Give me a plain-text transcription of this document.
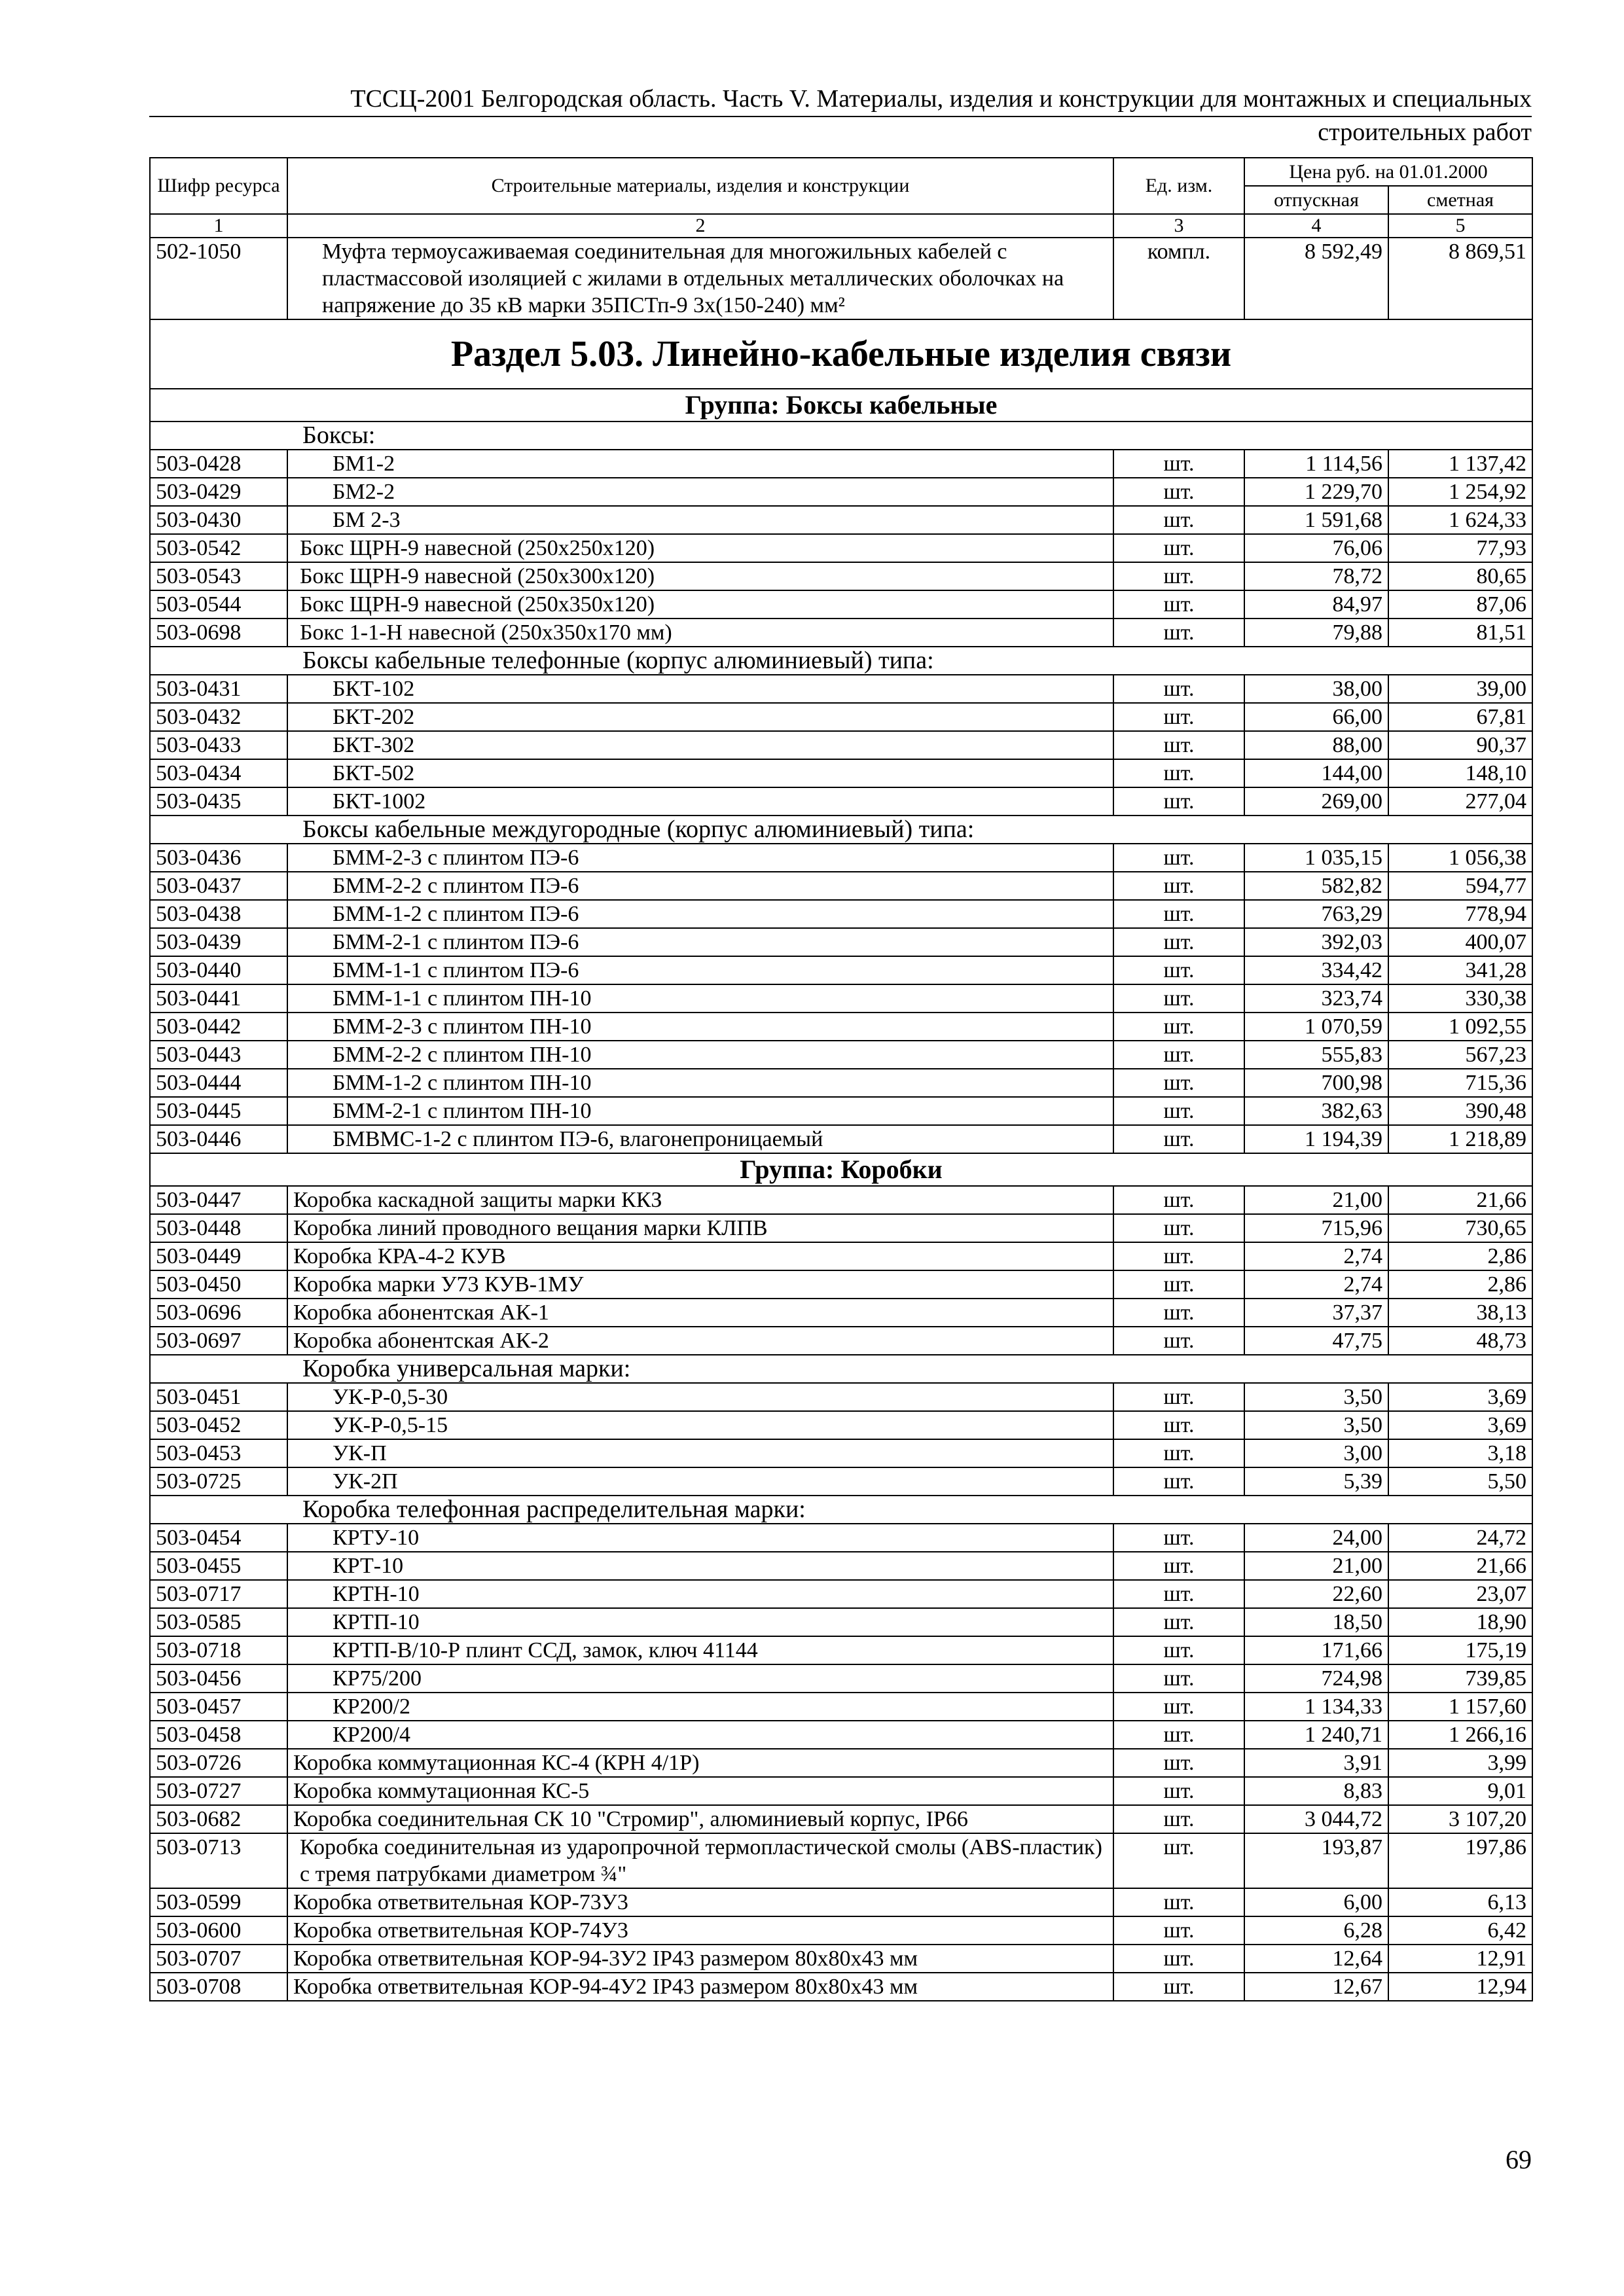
ТССЦ-2001 Белгородская область. Часть V. Материалы, изделия и конструкции для монтажных и специальных
строительных работ
Шифр ресурса	Строительные материалы, изделия и конструкции	Ед. изм.	Цена руб. на 01.01.2000	
			отпускная	сметная
1	2	3	4	5
502-1050	Муфта термоусаживаемая соединительная для многожильных кабелей с пластмассовой изоляцией с жилами в отдельных металлических оболочках на напряжение до 35 кВ марки 35ПСТп-9 3х(150-240) мм²	компл.	8 592,49	8 869,51
Раздел 5.03. Линейно-кабельные изделия связи				
Группа: Боксы кабельные				
Боксы:				
503-0428	БМ1-2	шт.	1 114,56	1 137,42
503-0429	БМ2-2	шт.	1 229,70	1 254,92
503-0430	БМ 2-3	шт.	1 591,68	1 624,33
503-0542	Бокс ЩРН-9 навесной (250х250х120)	шт.	76,06	77,93
503-0543	Бокс ЩРН-9 навесной (250х300х120)	шт.	78,72	80,65
503-0544	Бокс ЩРН-9 навесной (250х350х120)	шт.	84,97	87,06
503-0698	Бокс 1-1-Н навесной (250х350х170 мм)	шт.	79,88	81,51
Боксы кабельные телефонные (корпус алюминиевый) типа:				
503-0431	БКТ-102	шт.	38,00	39,00
503-0432	БКТ-202	шт.	66,00	67,81
503-0433	БКТ-302	шт.	88,00	90,37
503-0434	БКТ-502	шт.	144,00	148,10
503-0435	БКТ-1002	шт.	269,00	277,04
Боксы кабельные междугородные (корпус алюминиевый) типа:				
503-0436	БММ-2-3 с плинтом ПЭ-6	шт.	1 035,15	1 056,38
503-0437	БММ-2-2 с плинтом ПЭ-6	шт.	582,82	594,77
503-0438	БММ-1-2 с плинтом ПЭ-6	шт.	763,29	778,94
503-0439	БММ-2-1 с плинтом ПЭ-6	шт.	392,03	400,07
503-0440	БММ-1-1 с плинтом ПЭ-6	шт.	334,42	341,28
503-0441	БММ-1-1 с плинтом ПН-10	шт.	323,74	330,38
503-0442	БММ-2-3 с плинтом ПН-10	шт.	1 070,59	1 092,55
503-0443	БММ-2-2 с плинтом ПН-10	шт.	555,83	567,23
503-0444	БММ-1-2 с плинтом ПН-10	шт.	700,98	715,36
503-0445	БММ-2-1 с плинтом ПН-10	шт.	382,63	390,48
503-0446	БМВМС-1-2 с плинтом ПЭ-6, влагонепроницаемый	шт.	1 194,39	1 218,89
Группа: Коробки				
503-0447	Коробка каскадной защиты марки ККЗ	шт.	21,00	21,66
503-0448	Коробка линий проводного вещания марки КЛПВ	шт.	715,96	730,65
503-0449	Коробка КРА-4-2 КУВ	шт.	2,74	2,86
503-0450	Коробка марки У73 КУВ-1МУ	шт.	2,74	2,86
503-0696	Коробка абонентская АК-1	шт.	37,37	38,13
503-0697	Коробка абонентская АК-2	шт.	47,75	48,73
Коробка универсальная марки:				
503-0451	УК-Р-0,5-30	шт.	3,50	3,69
503-0452	УК-Р-0,5-15	шт.	3,50	3,69
503-0453	УК-П	шт.	3,00	3,18
503-0725	УК-2П	шт.	5,39	5,50
Коробка телефонная распределительная марки:				
503-0454	КРТУ-10	шт.	24,00	24,72
503-0455	КРТ-10	шт.	21,00	21,66
503-0717	КРТН-10	шт.	22,60	23,07
503-0585	КРТП-10	шт.	18,50	18,90
503-0718	КРТП-В/10-Р плинт ССД, замок, ключ 41144	шт.	171,66	175,19
503-0456	КР75/200	шт.	724,98	739,85
503-0457	КР200/2	шт.	1 134,33	1 157,60
503-0458	КР200/4	шт.	1 240,71	1 266,16
503-0726	Коробка коммутационная КС-4 (КРН 4/1Р)	шт.	3,91	3,99
503-0727	Коробка коммутационная КС-5	шт.	8,83	9,01
503-0682	Коробка соединительная СК 10 "Стромир", алюминиевый корпус, IP66	шт.	3 044,72	3 107,20
503-0713	Коробка соединительная из ударопрочной термопластической смолы (ABS-пластик) с тремя патрубками диаметром ¾"	шт.	193,87	197,86
503-0599	Коробка ответвительная КОР-73У3	шт.	6,00	6,13
503-0600	Коробка ответвительная КОР-74У3	шт.	6,28	6,42
503-0707	Коробка ответвительная КОР-94-3У2 IP43 размером 80х80х43 мм	шт.	12,64	12,91
503-0708	Коробка ответвительная КОР-94-4У2 IP43 размером 80х80х43 мм	шт.	12,67	12,94
69
